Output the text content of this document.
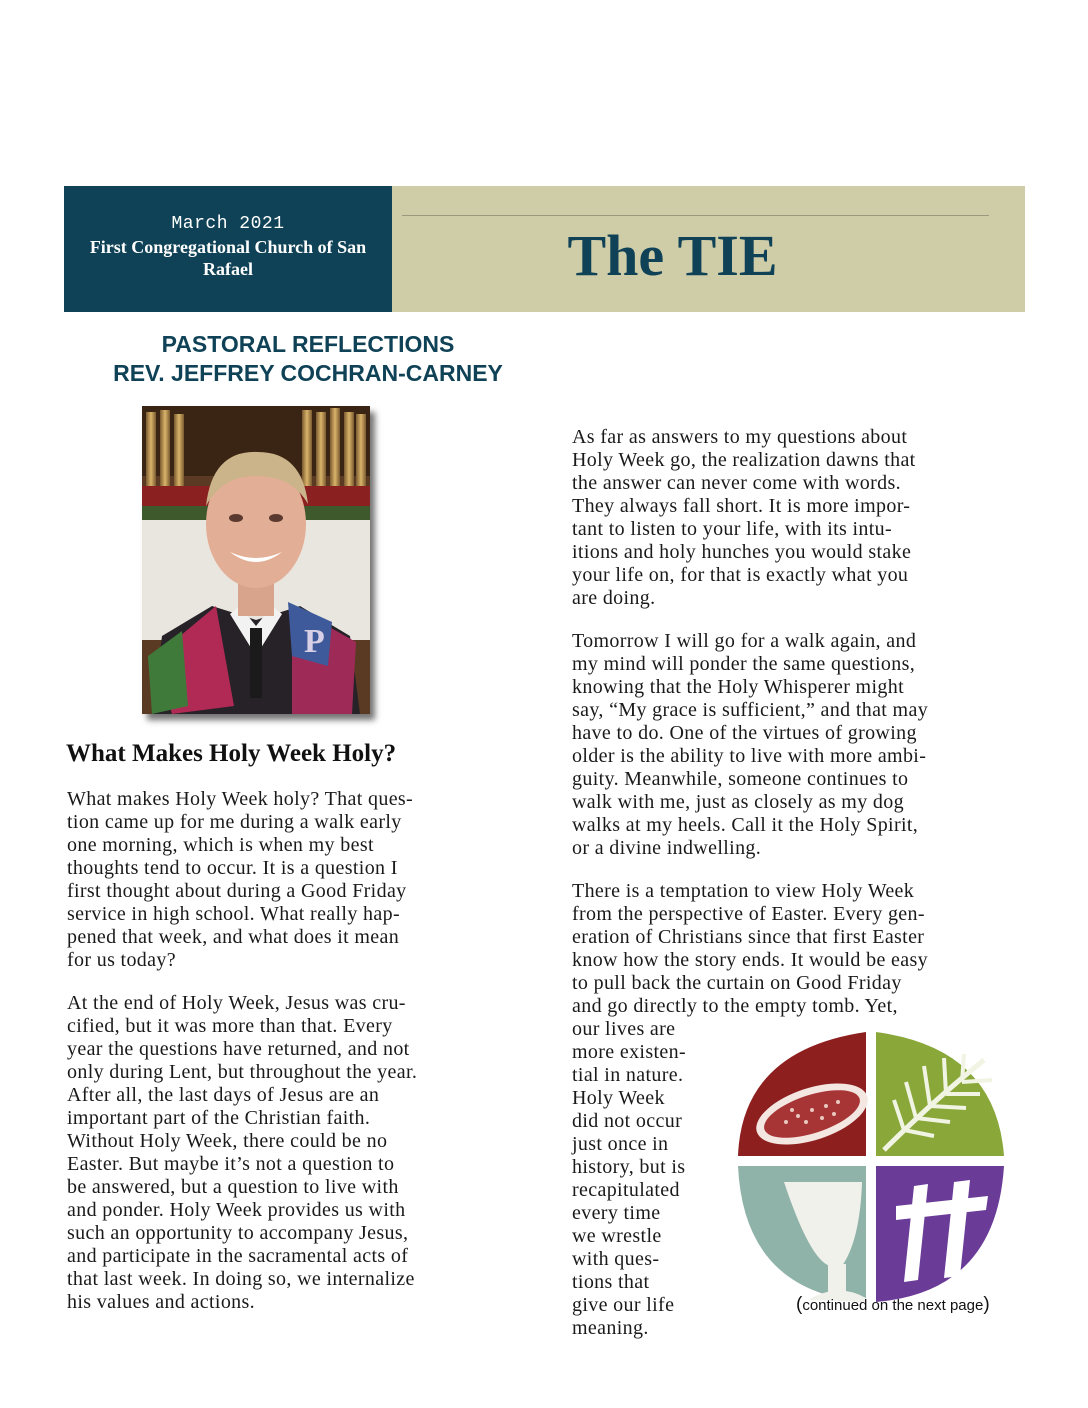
March 2021
First Congregational Church of San Rafael	The TIE
PASTORAL REFLECTIONS
REV. JEFFREY COCHRAN-CARNEY
P
What Makes Holy Week Holy?

What makes Holy Week holy? That ques-
tion came up for me during a walk early
one morning, which is when my best
thoughts tend to occur. It is a question I
first thought about during a Good Friday
service in high school. What really hap-
pened that week, and what does it mean
for us today?

At the end of Holy Week, Jesus was cru-
cified, but it was more than that. Every
year the questions have returned, and not
only during Lent, but throughout the year.
After all, the last days of Jesus are an
important part of the Christian faith.
Without Holy Week, there could be no
Easter. But maybe it’s not a question to
be answered, but a question to live with
and ponder. Holy Week provides us with
such an opportunity to accompany Jesus,
and participate in the sacramental acts of
that last week. In doing so, we internalize
his values and actions.

As far as answers to my questions about
Holy Week go, the realization dawns that
the answer can never come with words.
They always fall short. It is more impor-
tant to listen to your life, with its intu-
itions and holy hunches you would stake
your life on, for that is exactly what you
are doing.

Tomorrow I will go for a walk again, and
my mind will ponder the same questions,
knowing that the Holy Whisperer might
say, “My grace is sufficient,” and that may
have to do. One of the virtues of growing
older is the ability to live with more ambi-
guity. Meanwhile, someone continues to
walk with me, just as closely as my dog
walks at my heels. Call it the Holy Spirit,
or a divine indwelling.

There is a temptation to view Holy Week
from the perspective of Easter. Every gen-
eration of Christians since that first Easter
know how the story ends. It would be easy
to pull back the curtain on Good Friday
and go directly to the empty tomb. Yet,

our lives are
more existen-
tial in nature.
Holy Week
did not occur
just once in
history, but is
recapitulated
every time
we wrestle
with ques-
tions that
give our life
meaning.

(continued on the next page)
